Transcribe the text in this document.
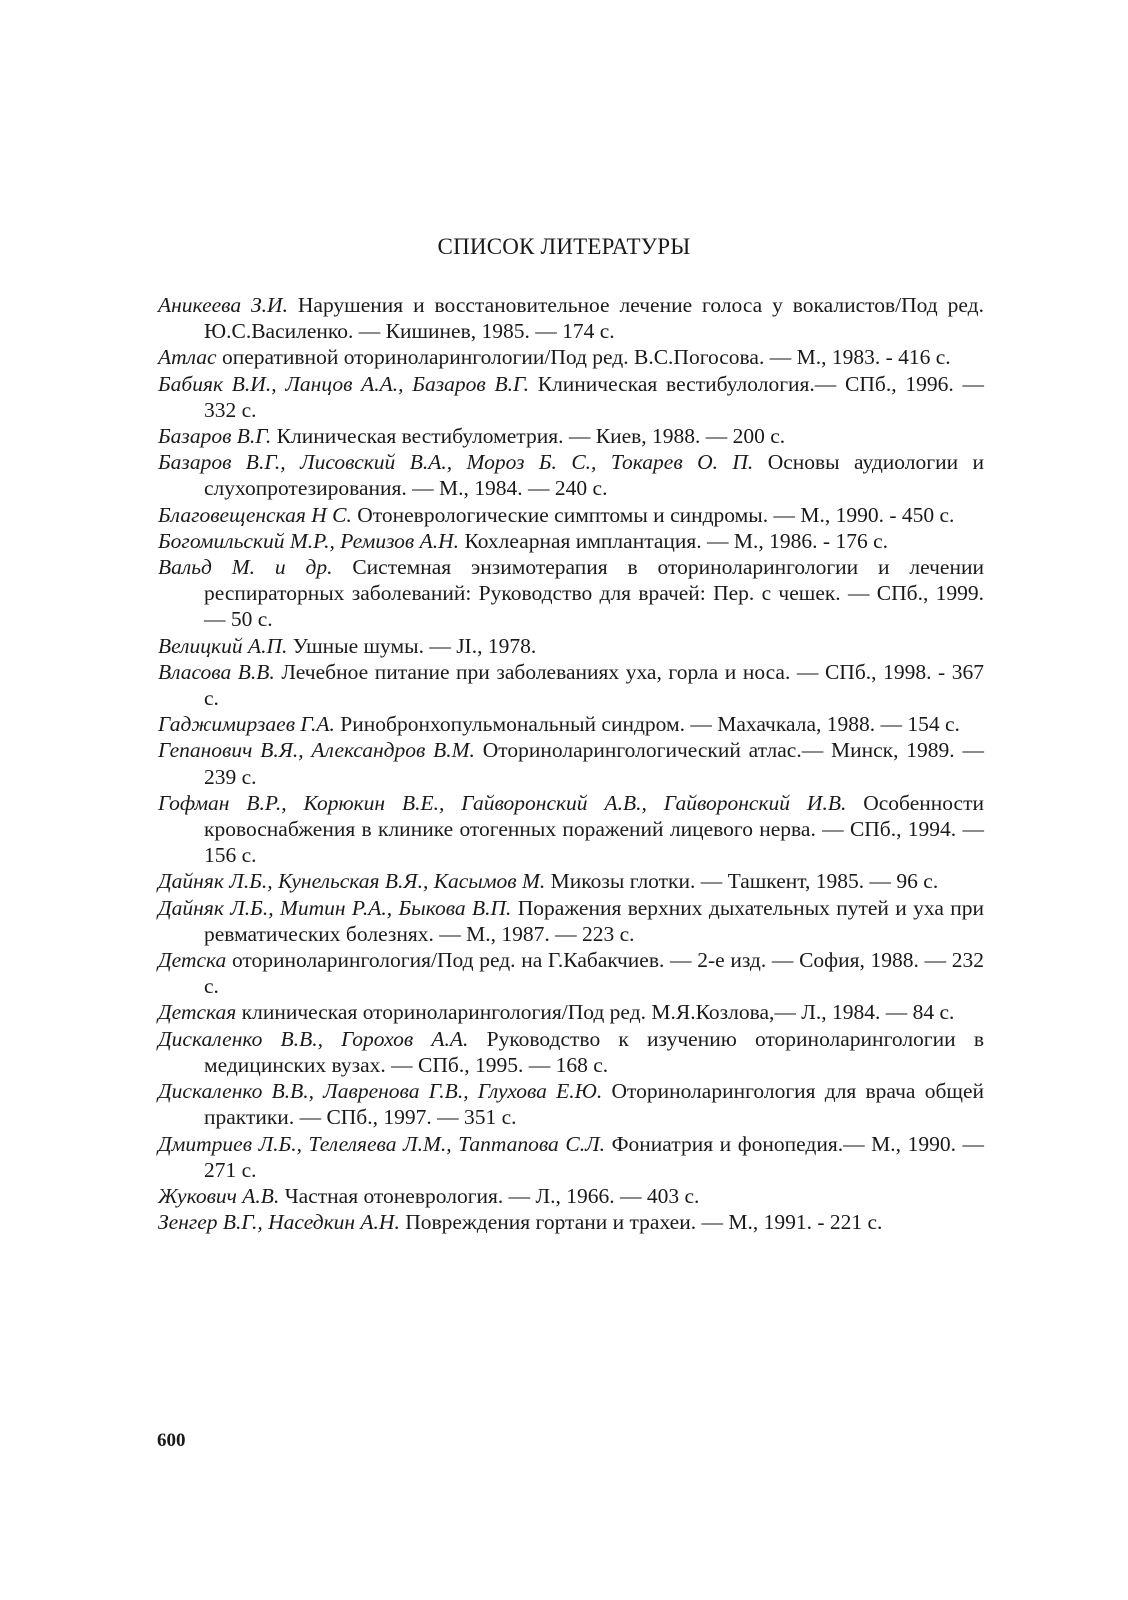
СПИСОК ЛИТЕРАТУРЫ
Аникеева З.И. Нарушения и восстановительное лечение голоса у вокалистов/Под ред. Ю.С.Василенко. — Кишинев, 1985. — 174 с.
Атлас оперативной оториноларингологии/Под ред. В.С.Погосова. — М., 1983. - 416 с.
Бабияк В.И., Ланцов А.А., Базаров В.Г. Клиническая вестибулология.— СПб., 1996. — 332 с.
Базаров В.Г. Клиническая вестибулометрия. — Киев, 1988. — 200 с.
Базаров В.Г., Лисовский В.А., Мороз Б. С., Токарев О. П. Основы аудиологии и слухопротезирования. — М., 1984. — 240 с.
Благовещенская Н С. Отоневрологические симптомы и синдромы. — М., 1990. - 450 с.
Богомильский М.Р., Ремизов А.Н. Кохлеарная имплантация. — М., 1986. - 176 с.
Вальд М. и др. Системная энзимотерапия в оториноларингологии и лечении респираторных заболеваний: Руководство для врачей: Пер. с чешек. — СПб., 1999. — 50 с.
Велицкий А.П. Ушные шумы. — JI., 1978.
Власова В.В. Лечебное питание при заболеваниях уха, горла и носа. — СПб., 1998. - 367 с.
Гаджимирзаев Г.А. Ринобронхопульмональный синдром. — Махачкала, 1988. — 154 с.
Гепанович В.Я., Александров В.М. Оториноларингологический атлас.— Минск, 1989. — 239 с.
Гофман В.Р., Корюкин В.Е., Гайворонский А.В., Гайворонский И.В. Особенности кровоснабжения в клинике отогенных поражений лицевого нерва. — СПб., 1994. — 156 с.
Дайняк Л.Б., Кунельская В.Я., Касымов М. Микозы глотки. — Ташкент, 1985. — 96 с.
Дайняк Л.Б., Митин Р.А., Быкова В.П. Поражения верхних дыхательных путей и уха при ревматических болезнях. — М., 1987. — 223 с.
Детска оториноларингология/Под ред. на Г.Кабакчиев. — 2-е изд. — София, 1988. — 232 с.
Детская клиническая оториноларингология/Под ред. М.Я.Козлова,— Л., 1984. — 84 с.
Дискаленко В.В., Горохов А.А. Руководство к изучению оториноларингологии в медицинских вузах. — СПб., 1995. — 168 с.
Дискаленко В.В., Лавренова Г.В., Глухова Е.Ю. Оториноларингология для врача общей практики. — СПб., 1997. — 351 с.
Дмитриев Л.Б., Телеляева Л.М., Таптапова С.Л. Фониатрия и фонопедия.— М., 1990. — 271 с.
Жукович А.В. Частная отоневрология. — Л., 1966. — 403 с.
Зенгер В.Г., Наседкин А.Н. Повреждения гортани и трахеи. — М., 1991. - 221 с.
600
